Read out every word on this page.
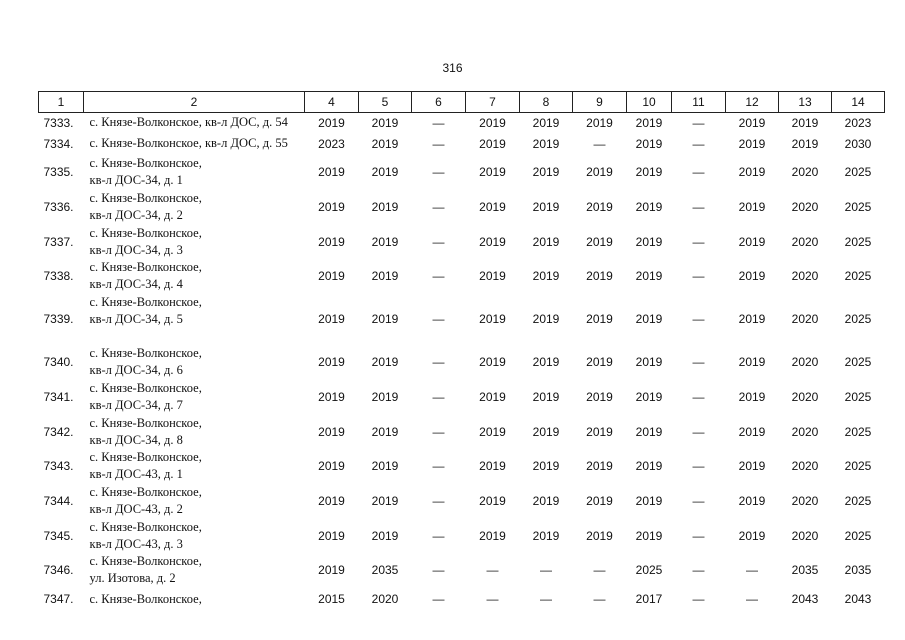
316
1	2	4	5	6	7	8	9	10	11	12	13	14
7333.	с. Князе-Волконское, кв-л ДОС, д. 54	2019	2019	—	2019	2019	2019	2019	—	2019	2019	2023
7334.	с. Князе-Волконское, кв-л ДОС, д. 55	2023	2019	—	2019	2019	—	2019	—	2019	2019	2030
7335.	с. Князе-Волконское,
кв-л ДОС-34, д. 1	2019	2019	—	2019	2019	2019	2019	—	2019	2020	2025
7336.	с. Князе-Волконское,
кв-л ДОС-34, д. 2	2019	2019	—	2019	2019	2019	2019	—	2019	2020	2025
7337.	с. Князе-Волконское,
кв-л ДОС-34, д. 3	2019	2019	—	2019	2019	2019	2019	—	2019	2020	2025
7338.	с. Князе-Волконское,
кв-л ДОС-34, д. 4	2019	2019	—	2019	2019	2019	2019	—	2019	2020	2025
7339.	с. Князе-Волконское,
кв-л ДОС-34, д. 5	2019	2019	—	2019	2019	2019	2019	—	2019	2020	2025
7340.	с. Князе-Волконское,
кв-л ДОС-34, д. 6	2019	2019	—	2019	2019	2019	2019	—	2019	2020	2025
7341.	с. Князе-Волконское,
кв-л ДОС-34, д. 7	2019	2019	—	2019	2019	2019	2019	—	2019	2020	2025
7342.	с. Князе-Волконское,
кв-л ДОС-34, д. 8	2019	2019	—	2019	2019	2019	2019	—	2019	2020	2025
7343.	с. Князе-Волконское,
кв-л ДОС-43, д. 1	2019	2019	—	2019	2019	2019	2019	—	2019	2020	2025
7344.	с. Князе-Волконское,
кв-л ДОС-43, д. 2	2019	2019	—	2019	2019	2019	2019	—	2019	2020	2025
7345.	с. Князе-Волконское,
кв-л ДОС-43, д. 3	2019	2019	—	2019	2019	2019	2019	—	2019	2020	2025
7346.	с. Князе-Волконское,
ул. Изотова, д. 2	2019	2035	—	—	—	—	2025	—	—	2035	2035
7347.	с. Князе-Волконское,	2015	2020	—	—	—	—	2017	—	—	2043	2043
